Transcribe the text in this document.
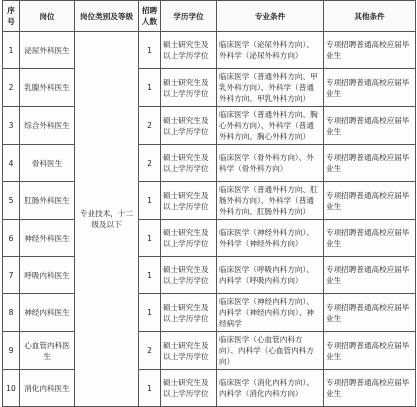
序号	岗位	岗位类别及等级	招聘人数	学历学位	专业条件	其他条件
1	泌尿外科医生	专业技术，十二级及以下	1	硕士研究生及以上学历学位	临床医学（泌尿外科方向）、外科学（泌尿外科方向）	专项招聘普通高校应届毕业生
2	乳腺外科医生		1	硕士研究生及以上学历学位	临床医学（普通外科方向、甲乳外科方向）、外科学（普通外科方向、甲乳外科方向）	专项招聘普通高校应届毕业生
3	综合外科医生		2	硕士研究生及以上学历学位	临床医学（普通外科方向、胸心外科方向）、外科学（普通外科方向、胸心外科方向）	专项招聘普通高校应届毕业生
4	骨科医生		2	硕士研究生及以上学历学位	临床医学（骨外科方向）、外科学（骨外科方向）	专项招聘普通高校应届毕业生
5	肛肠外科医生		1	硕士研究生及以上学历学位	临床医学（普通外科方向、肛肠外科方向）、外科学（普通外科方向、肛肠外科方向）	专项招聘普通高校应届毕业生
6	神经外科医生		1	硕士研究生及以上学历学位	临床医学（神经外科方向）、外科学（神经外科方向）	专项招聘普通高校应届毕业生
7	呼吸内科医生		1	硕士研究生及以上学历学位	临床医学（呼吸内科方向）、内科学（呼吸内科方向）	专项招聘普通高校应届毕业生
8	神经内科医生		1	硕士研究生及以上学历学位	临床医学（神经内科方向）、内科学（神经内科方向）、神经病学	专项招聘普通高校应届毕业生
9	心血管内科医生		2	硕士研究生及以上学历学位	临床医学（心血管内科方向）、内科学（心血管内科方向）	专项招聘普通高校应届毕业生
10	消化内科医生		1	硕士研究生及以上学历学位	临床医学（消化内科方向）、内科学（消化内科方向）	专项招聘普通高校应届毕业生
